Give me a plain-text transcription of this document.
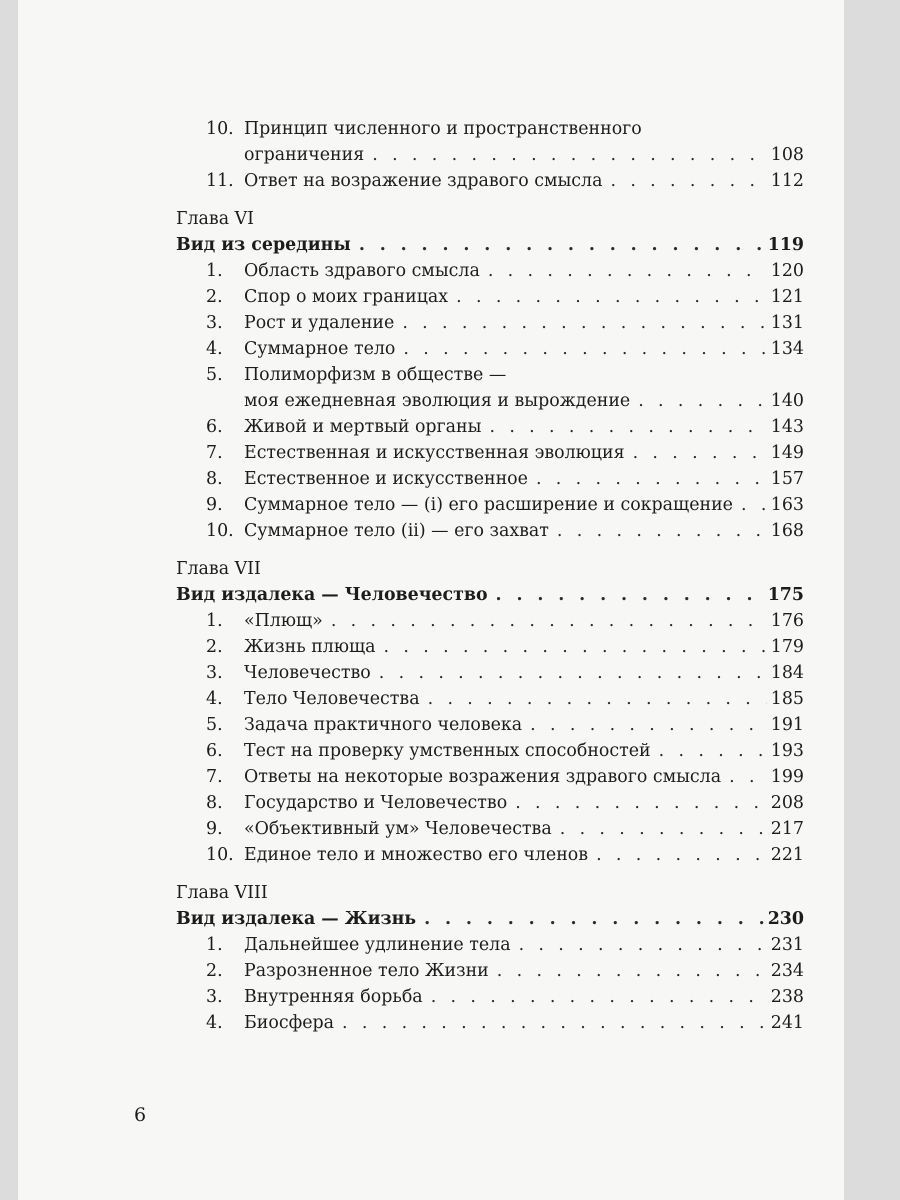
10. Принцип численного и пространственного
ограничения . . .	108
11. Ответ на возражение здравого смысла . . .	112
Глава VI
Вид из середины . . .	119
1.	Область здравого смысла . . .	120
2.	Спор о моих границах . . .	121
3.	Рост и удаление . . .	131
4.	Суммарное тело . . .	134
5.	Полиморфизм в обществе —
моя ежедневная эволюция и вырождение . . .	140
6.	Живой и мертвый органы . . .	143
7.	Естественная и искусственная эволюция . . .	149
8.	Естественное и искусственное . . .	157
9.	Суммарное тело — (i) его расширение и сокращение . . . 163
10. Суммарное тело (ii) — его захват . . .	168
Глава VII
Вид издалека — Человечество . . .	175
1.	«Плющ» . . .	176
2.	Жизнь плюща . . .	179
3.	Человечество . . .	184
4.	Тело Человечества . . .	185
5.	Задача практичного человека . . .	191
6.	Тест на проверку умственных способностей . . .	193
7.	Ответы на некоторые возражения здравого смысла . . .	199
8.	Государство и Человечество . . .	208
9.	«Объективный ум» Человечества . . .	217
10. Единое тело и множество его членов . . .	221
Глава VIII
Вид издалека — Жизнь . . .	230
1.	Дальнейшее удлинение тела . . .	231
2.	Разрозненное тело Жизни . . .	234
3.	Внутренняя борьба . . .	238
4.	Биосфера . . .	241
6
